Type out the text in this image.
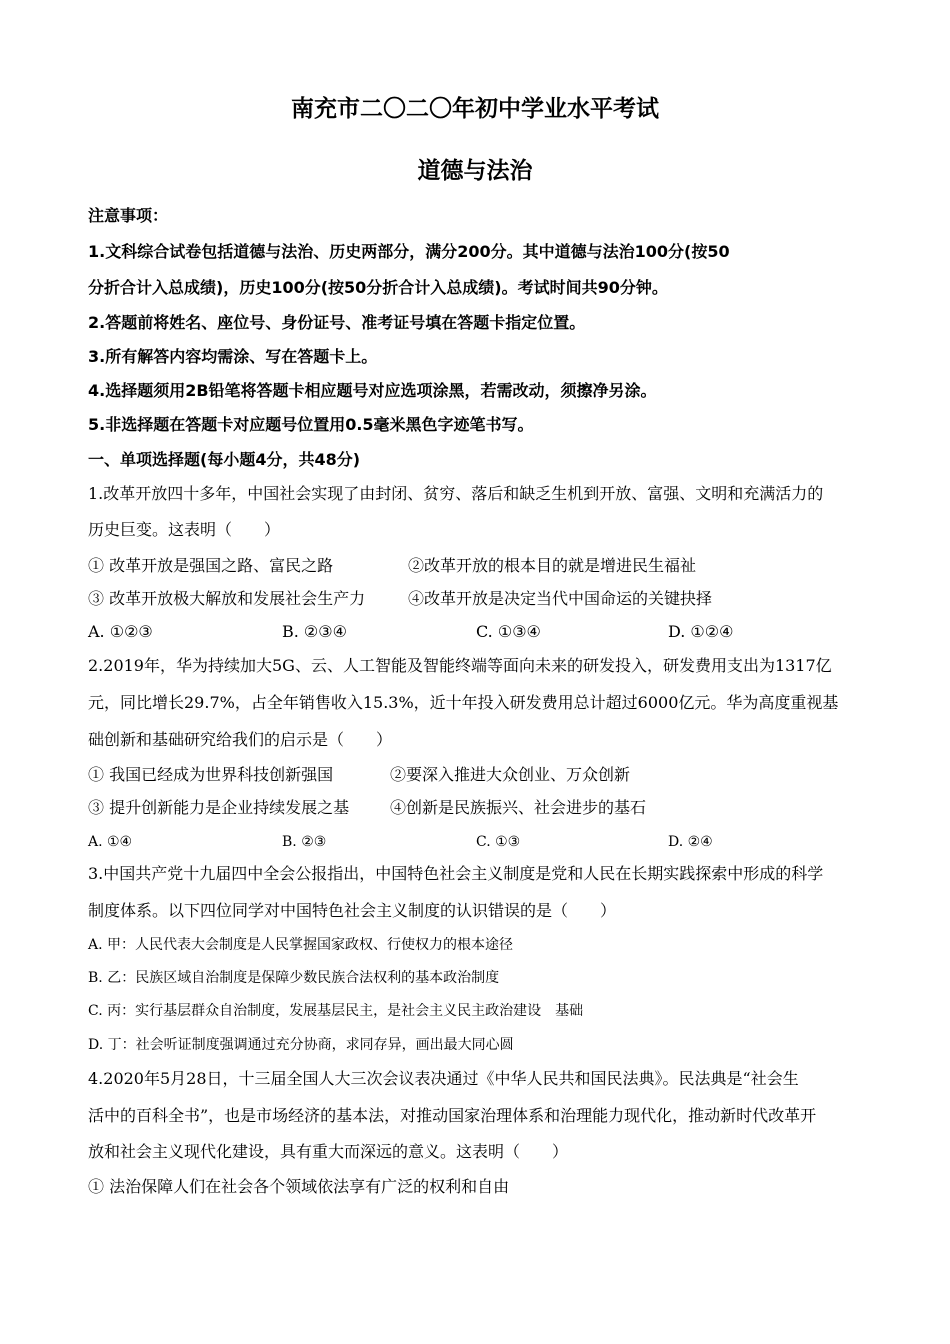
南充市二〇二〇年初中学业水平考试
道德与法治
注意事项：
1.文科综合试卷包括道德与法治、历史两部分，满分200分。其中道德与法治100分(按50
分折合计入总成绩)，历史100分(按50分折合计入总成绩)。考试时间共90分钟。
2.答题前将姓名、座位号、身份证号、准考证号填在答题卡指定位置。
3.所有解答内容均需涂、写在答题卡上。
4.选择题须用2B铅笔将答题卡相应题号对应选项涂黑，若需改动，须擦净另涂。
5.非选择题在答题卡对应题号位置用0.5毫米黑色字迹笔书写。
一、单项选择题(每小题4分，共48分)
1.改革开放四十多年，中国社会实现了由封闭、贫穷、落后和缺乏生机到开放、富强、文明和充满活力的
历史巨变。这表明（　　）
① 改革开放是强国之路、富民之路	②改革开放的根本目的就是增进民生福祉
③ 改革开放极大解放和发展社会生产力	④改革开放是决定当代中国命运的关键抉择
A. ①②③	B. ②③④	C. ①③④	D. ①②④
2.2019年，华为持续加大5G、云、人工智能及智能终端等面向未来的研发投入，研发费用支出为1317亿
元，同比增长29.7%，占全年销售收入15.3%，近十年投入研发费用总计超过6000亿元。华为高度重视基
础创新和基础研究给我们的启示是（　　）
① 我国已经成为世界科技创新强国	②要深入推进大众创业、万众创新
③ 提升创新能力是企业持续发展之基	④创新是民族振兴、社会进步的基石
A. ①④	B. ②③	C. ①③	D. ②④
3.中国共产党十九届四中全会公报指出，中国特色社会主义制度是党和人民在长期实践探索中形成的科学
制度体系。以下四位同学对中国特色社会主义制度的认识错误的是（　　）
A. 甲：人民代表大会制度是人民掌握国家政权、行使权力的根本途径
B. 乙：民族区域自治制度是保障少数民族合法权利的基本政治制度
C. 丙：实行基层群众自治制度，发展基层民主，是社会主义民主政治建设　基础
D. 丁：社会听证制度强调通过充分协商，求同存异，画出最大同心圆
4.2020年5月28日，十三届全国人大三次会议表决通过《中华人民共和国民法典》。民法典是“社会生
活中的百科全书”，也是市场经济的基本法，对推动国家治理体系和治理能力现代化，推动新时代改革开
放和社会主义现代化建设，具有重大而深远的意义。这表明（　　）
① 法治保障人们在社会各个领域依法享有广泛的权利和自由
